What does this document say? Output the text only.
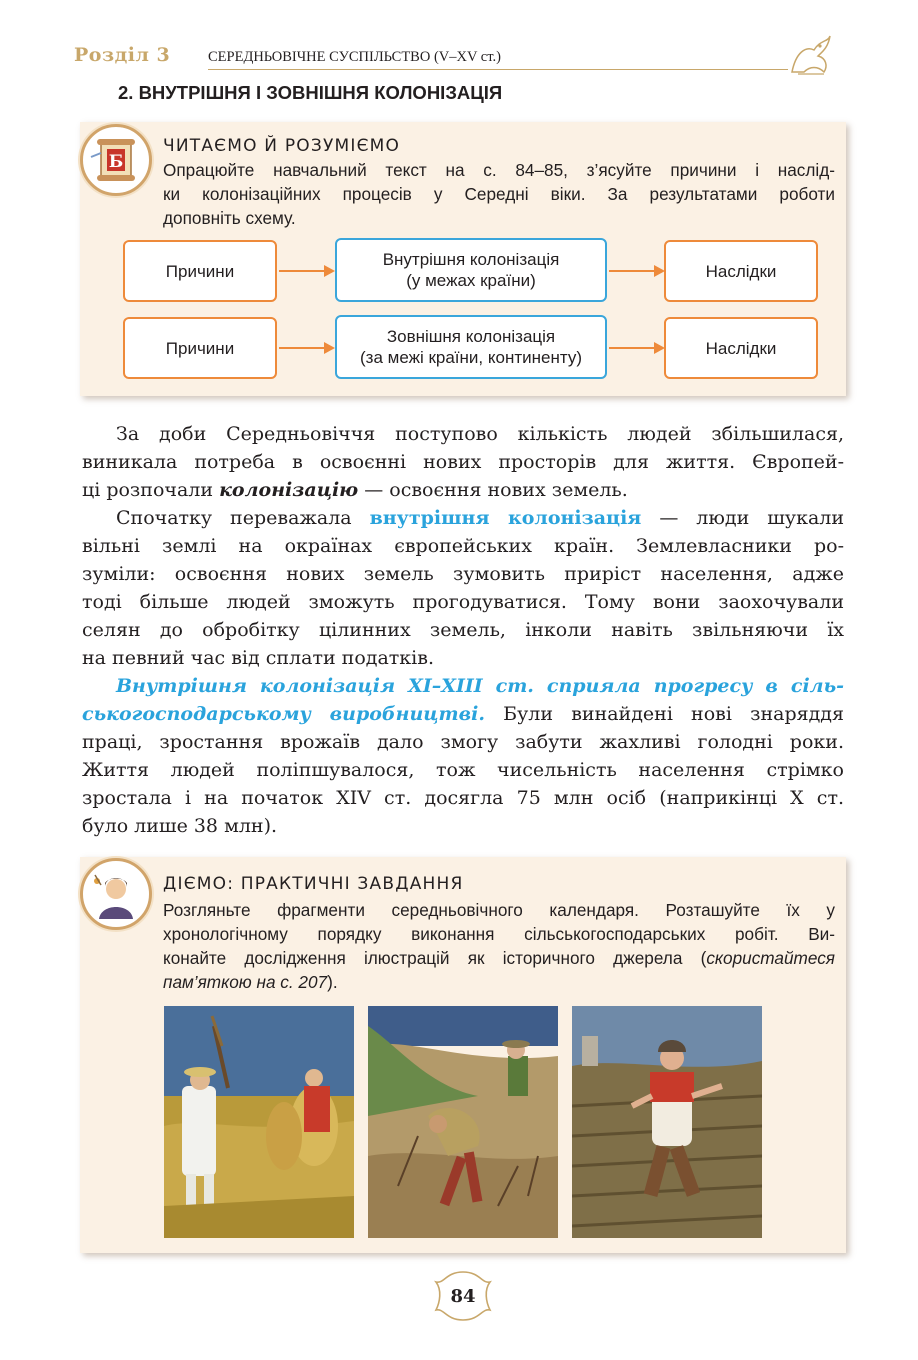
Розділ 3	СЕРЕДНЬОВІЧНЕ СУСПІЛЬСТВО (V–XV ст.)
2. ВНУТРІШНЯ І ЗОВНІШНЯ КОЛОНІЗАЦІЯ
Б
ЧИТАЄМО Й РОЗУМІЄМО
Опрацюйте навчальний текст на с. 84–85, з’ясуйте причини і наслід-
ки колонізаційних процесів у Середні віки. За результатами роботи
доповніть схему.
Причини
Внутрішня колонізація
(у межах країни)	Наслідки
Причини
Зовнішня колонізація
(за межі країни, континенту)	Наслідки
За доби Середньовіччя поступово кількість людей збільшилася,
виникала потреба в освоєнні нових просторів для життя. Європей-
ці розпочали колонізацію — освоєння нових земель.
Спочатку переважала внутрішня колонізація — люди шукали
вільні землі на окраїнах європейських країн. Землевласники ро-
зуміли: освоєння нових земель зумовить приріст населення, адже
тоді більше людей зможуть прогодуватися. Тому вони заохочували
селян до обробітку цілинних земель, інколи навіть звільняючи їх
на певний час від сплати податків.
Внутрішня колонізація XI–XIII ст. сприяла прогресу в сіль-
ськогосподарському виробництві. Були винайдені нові знаряддя
праці, зростання врожаїв дало змогу забути жахливі голодні роки.
Життя людей поліпшувалося, тож чисельність населення стрімко
зростала і на початок XIV ст. досягла 75 млн осіб (наприкінці X ст.
було лише 38 млн).
ДІЄМО: ПРАКТИЧНІ ЗАВДАННЯ
Розгляньте фрагменти середньовічного календаря. Розташуйте їх у
хронологічному порядку виконання сільськогосподарських робіт. Ви-
конайте дослідження ілюстрацій як історичного джерела (скористайтеся
пам’яткою на с. 207).
84
